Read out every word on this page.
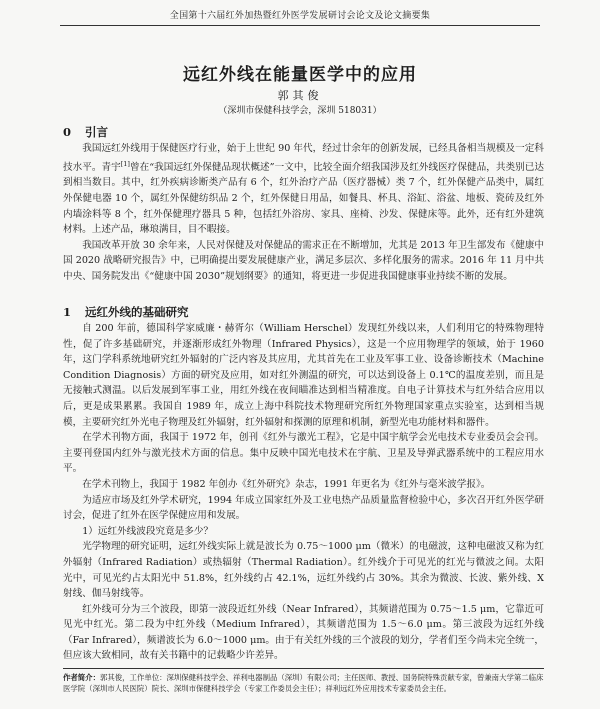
全国第十六届红外加热暨红外医学发展研讨会论文及论文摘要集
远红外线在能量医学中的应用
郭其俊
（深圳市保健科技学会，深圳 518031）
0 引言

我国远红外线用于保健医疗行业，始于上世纪 90 年代，经过廿余年的创新发展，已经具备相当规模及一定科技水平。青宇[1]曾在“我国远红外保健品现状概述”一文中，比较全面介绍我国涉及红外线医疗保健品，共类别已达到相当数目。其中，红外疾病诊断类产品有 6 个，红外治疗产品（医疗器械）类 7 个，红外保健产品类中，属红外保健电器 10 个，属红外保健纺织品 2 个，红外保健日用品，如餐具、杯具、浴缸、浴盆、地板、瓷砖及红外内墙涂料等 8 个，红外保健理疗器具 5 种，包括红外浴房、家具、座椅、沙发、保健床等。此外，还有红外建筑材料。上述产品，琳琅满目，目不暇接。

我国改革开放 30 余年来，人民对保健及对保健品的需求正在不断增加，尤其是 2013 年卫生部发布《健康中国 2020 战略研究报告》中，已明确提出要发展健康产业，满足多层次、多样化服务的需求。2016 年 11 月中共中央、国务院发出《“健康中国 2030”规划纲要》的通知，将更进一步促进我国健康事业持续不断的发展。

1 远红外线的基础研究

自 200 年前，德国科学家威廉・赫胥尔（William Herschel）发现红外线以来，人们利用它的特殊物理特性，促了许多基础研究，并逐渐形成红外物理（Infrared Physics），这是一个应用物理学的领域，始于 1960 年，这门学科系统地研究红外辐射的广泛内容及其应用，尤其首先在工业及军事工业、设备诊断技术（Machine Condition Diagnosis）方面的研究及应用，如对红外测温的研究，可以达到设备上 0.1℃的温度差别，而且是无接触式测温。以后发展到军事工业，用红外线在夜间瞄准达到相当精准度。自电子计算技术与红外结合应用以后，更是成果累累。我国自 1989 年，成立上海中科院技术物理研究所红外物理国家重点实验室，达到相当规模，主要研究红外光电子物理及红外辐射，红外辐射和探测的原理和机制，新型光电功能材料和器件。

在学术刊物方面，我国于 1972 年，创刊《红外与激光工程》，它是中国宇航学会光电技术专业委员会会刊。主要刊登国内红外与激光技术方面的信息。集中反映中国光电技术在宇航、卫星及导弹武器系统中的工程应用水平。

在学术刊物上，我国于 1982 年创办《红外研究》杂志，1991 年更名为《红外与毫米波学报》。

为适应市场及红外学术研究，1994 年成立国家红外及工业电热产品质量监督检验中心，多次召开红外医学研讨会，促进了红外在医学保健应用和发展。

1）远红外线波段究竟是多少？

光学物理的研究证明，远红外线实际上就是波长为 0.75～1000 μm（微米）的电磁波，这种电磁波又称为红外辐射（Infrared Radiation）或热辐射（Thermal Radiation）。红外线介于可见光的红光与微波之间。太阳光中，可见光约占太阳光中 51.8%，红外线约占 42.1%，远红外线约占 30%。其余为微波、长波、紫外线、X 射线、伽马射线等。

红外线可分为三个波段，即第一波段近红外线（Near Infrared），其频谱范围为 0.75～1.5 μm，它靠近可见光中红光。第二段为中红外线（Medium Infrared），其频谱范围为 1.5～6.0 μm。第三波段为远红外线（Far Infrared），频谱波长为 6.0～1000 μm。由于有关红外线的三个波段的划分，学者们至今尚未完全统一，但应该大致相同，故有关书籍中的记载略少许差异。

作者简介：郭其俊，工作单位：深圳保健科技学会、祥利电器制品（深圳）有限公司；主任医师、教授、国务院特殊贡献专家，曾兼南大学第二临床医学院（深圳市人民医院）院长、深圳市保健科技学会（专家工作委员会主任）；祥利远红外应用技术专家委员会主任。
